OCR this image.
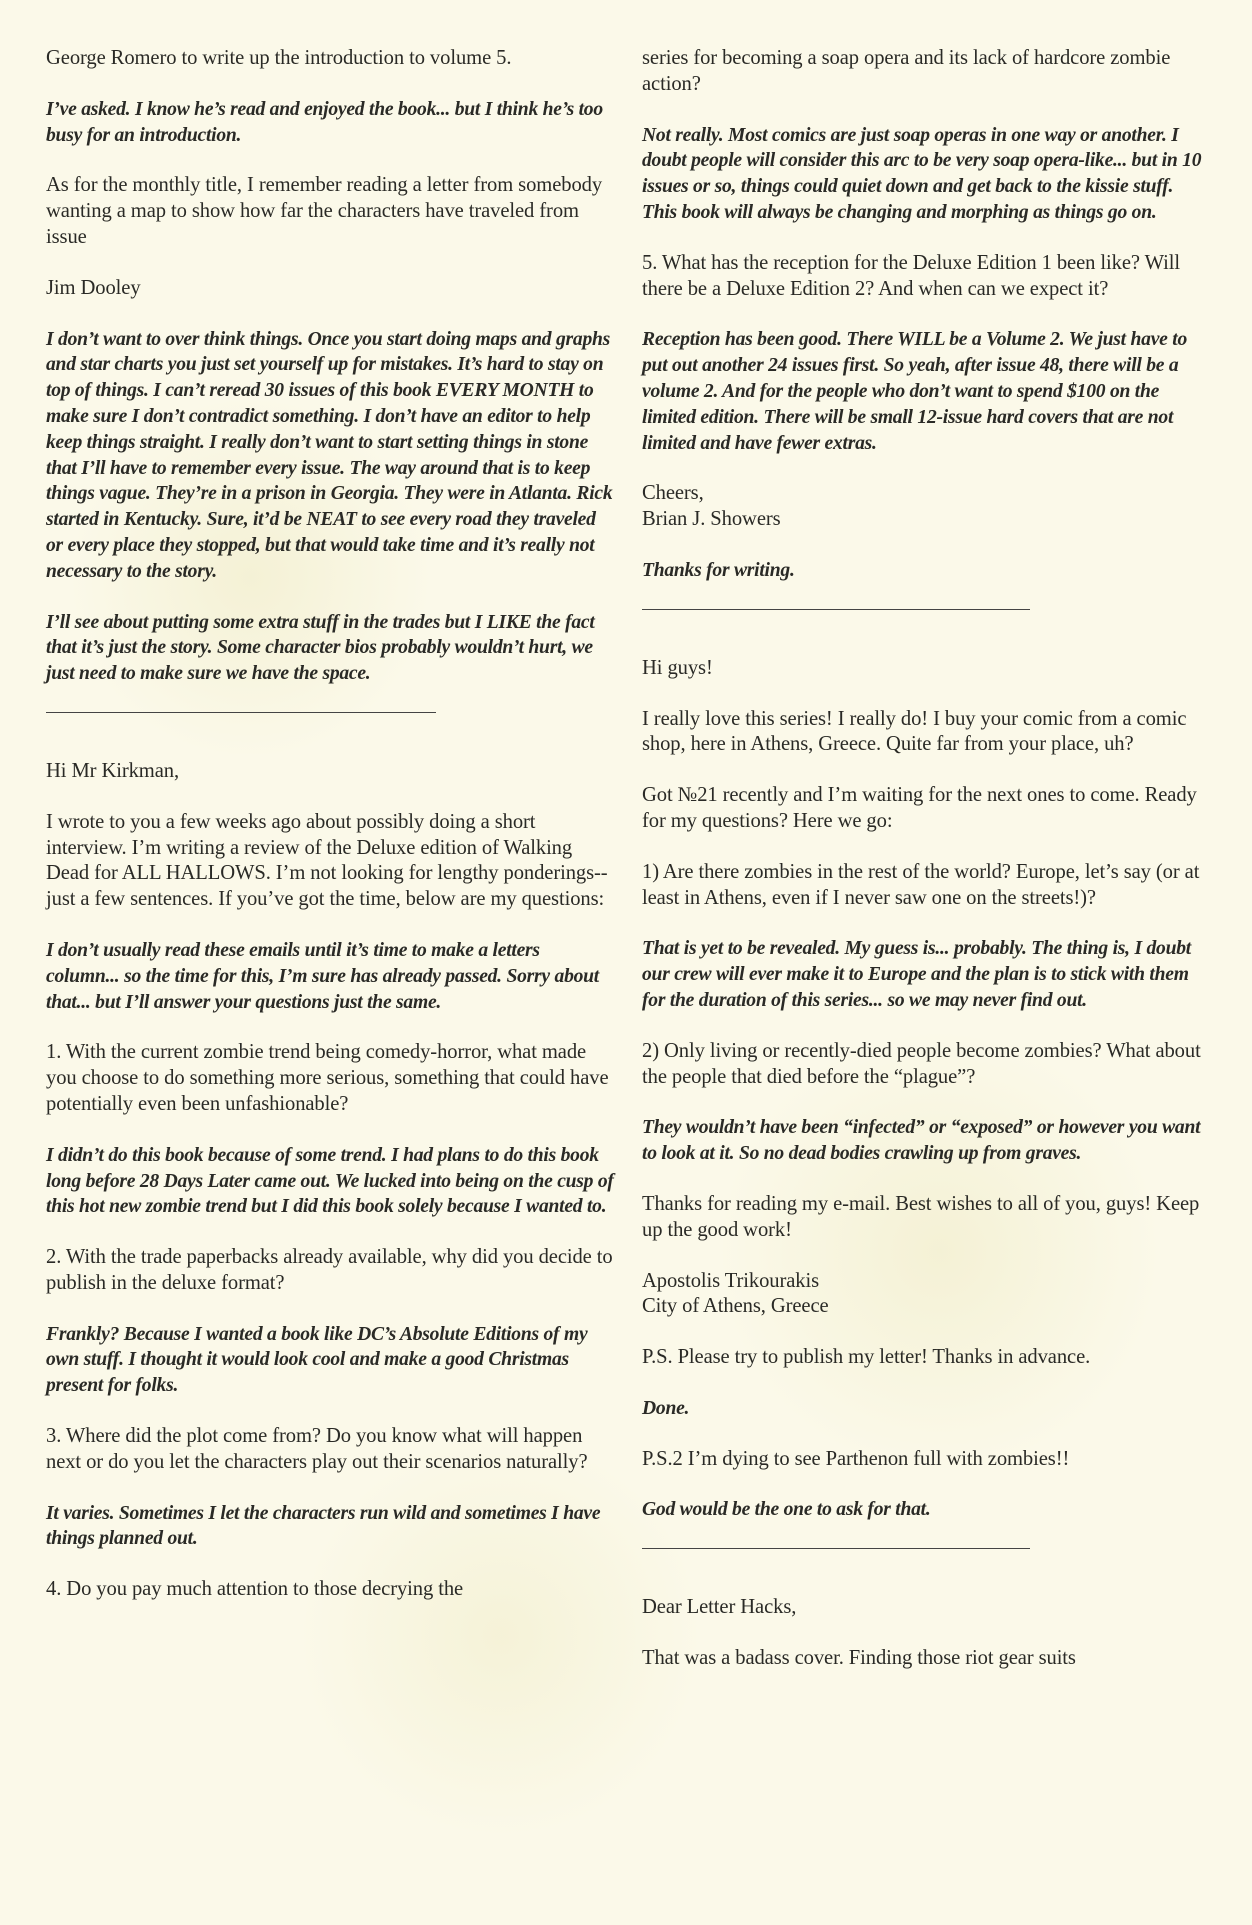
George Romero to write up the introduction to volume 5.

I’ve asked. I know he’s read and enjoyed the book... but I think he’s too busy for an introduction.

As for the monthly title, I remember reading a letter from somebody wanting a map to show how far the characters have traveled from issue

Jim Dooley

I don’t want to over think things. Once you start doing maps and graphs and star charts you just set yourself up for mistakes. It’s hard to stay on top of things. I can’t reread 30 issues of this book EVERY MONTH to make sure I don’t contradict something. I don’t have an editor to help keep things straight. I really don’t want to start setting things in stone that I’ll have to remember every issue. The way around that is to keep things vague. They’re in a prison in Georgia. They were in Atlanta. Rick started in Kentucky. Sure, it’d be NEAT to see every road they traveled or every place they stopped, but that would take time and it’s really not necessary to the story.

I’ll see about putting some extra stuff in the trades but I LIKE the fact that it’s just the story. Some character bios probably wouldn’t hurt, we just need to make sure we have the space.

Hi Mr Kirkman,

I wrote to you a few weeks ago about possibly doing a short interview. I’m writing a review of the Deluxe edition of Walking Dead for ALL HALLOWS. I’m not looking for lengthy ponderings--just a few sentences. If you’ve got the time, below are my questions:

I don’t usually read these emails until it’s time to make a letters column... so the time for this, I’m sure has already passed. Sorry about that... but I’ll answer your questions just the same.

1. With the current zombie trend being comedy-horror, what made you choose to do something more serious, something that could have potentially even been unfashionable?

I didn’t do this book because of some trend. I had plans to do this book long before 28 Days Later came out. We lucked into being on the cusp of this hot new zombie trend but I did this book solely because I wanted to.

2. With the trade paperbacks already available, why did you decide to publish in the deluxe format?

Frankly? Because I wanted a book like DC’s Absolute Editions of my own stuff. I thought it would look cool and make a good Christmas present for folks.

3. Where did the plot come from? Do you know what will happen next or do you let the characters play out their scenarios naturally?

It varies. Sometimes I let the characters run wild and sometimes I have things planned out.

4. Do you pay much attention to those decrying the

series for becoming a soap opera and its lack of hardcore zombie action?

Not really. Most comics are just soap operas in one way or another. I doubt people will consider this arc to be very soap opera-like... but in 10 issues or so, things could quiet down and get back to the kissie stuff. This book will always be changing and morphing as things go on.

5. What has the reception for the Deluxe Edition 1 been like? Will there be a Deluxe Edition 2? And when can we expect it?

Reception has been good. There WILL be a Volume 2. We just have to put out another 24 issues first. So yeah, after issue 48, there will be a volume 2. And for the people who don’t want to spend $100 on the limited edition. There will be small 12-issue hard covers that are not limited and have fewer extras.

Cheers,
Brian J. Showers

Thanks for writing.

Hi guys!

I really love this series! I really do! I buy your comic from a comic shop, here in Athens, Greece. Quite far from your place, uh?

Got №21 recently and I’m waiting for the next ones to come. Ready for my questions? Here we go:

1) Are there zombies in the rest of the world? Europe, let’s say (or at least in Athens, even if I never saw one on the streets!)?

That is yet to be revealed. My guess is... probably. The thing is, I doubt our crew will ever make it to Europe and the plan is to stick with them for the duration of this series... so we may never find out.

2) Only living or recently-died people become zombies? What about the people that died before the “plague”?

They wouldn’t have been “infected” or “exposed” or however you want to look at it. So no dead bodies crawling up from graves.

Thanks for reading my e-mail. Best wishes to all of you, guys! Keep up the good work!

Apostolis Trikourakis
City of Athens, Greece

P.S. Please try to publish my letter! Thanks in advance.

Done.

P.S.2 I’m dying to see Parthenon full with zombies!!

God would be the one to ask for that.

Dear Letter Hacks,

That was a badass cover. Finding those riot gear suits
